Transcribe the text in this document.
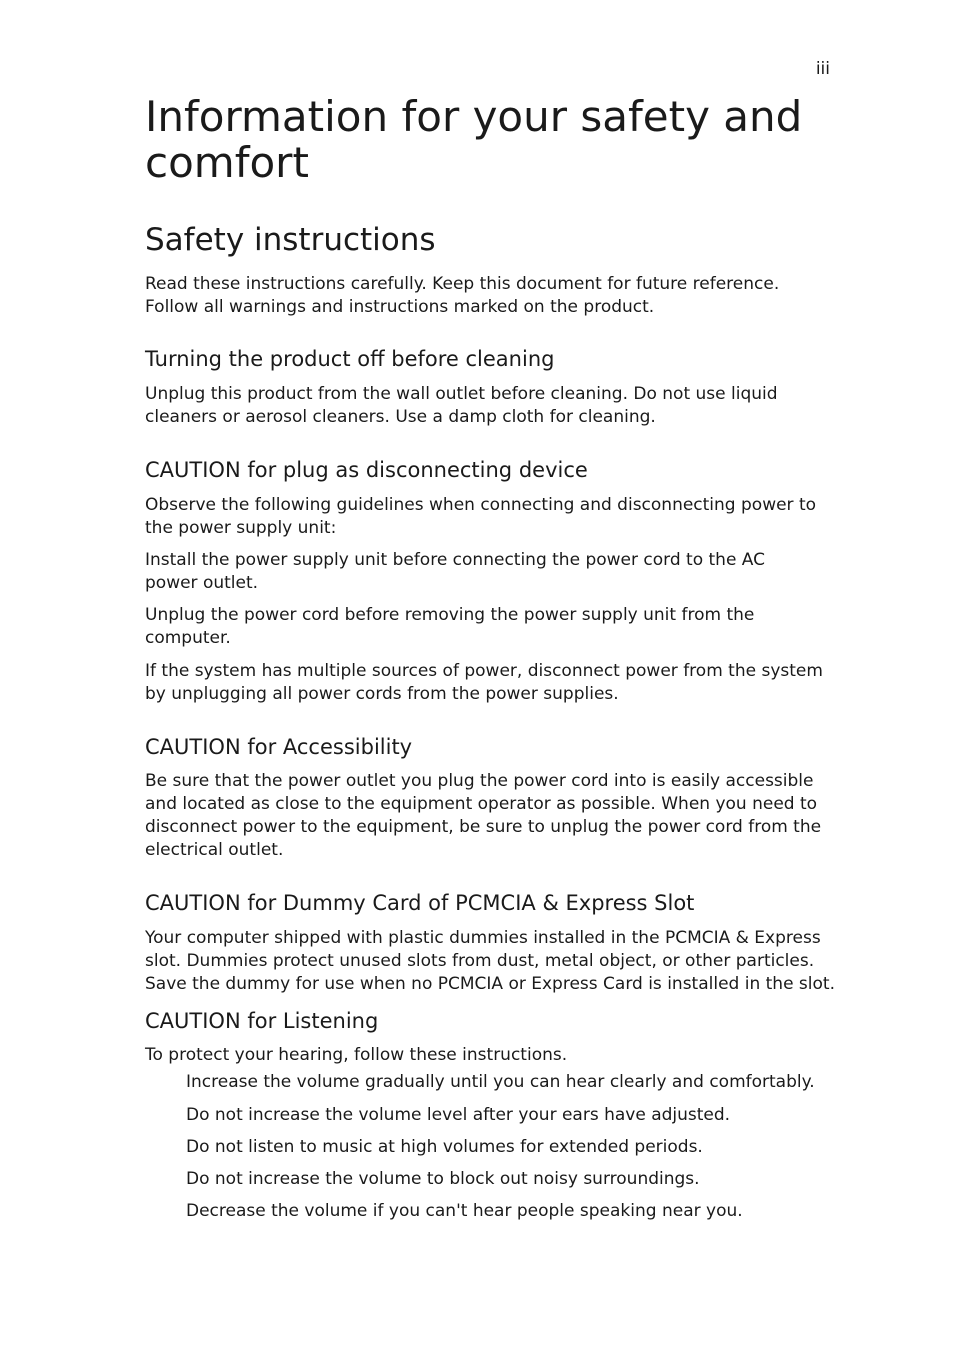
iii
Information for your safety and
comfort
Safety instructions

Read these instructions carefully. Keep this document for future reference.
Follow all warnings and instructions marked on the product.

Turning the product off before cleaning

Unplug this product from the wall outlet before cleaning. Do not use liquid
cleaners or aerosol cleaners. Use a damp cloth for cleaning.

CAUTION for plug as disconnecting device

Observe the following guidelines when connecting and disconnecting power to
the power supply unit:

Install the power supply unit before connecting the power cord to the AC
power outlet.

Unplug the power cord before removing the power supply unit from the
computer.

If the system has multiple sources of power, disconnect power from the system
by unplugging all power cords from the power supplies.

CAUTION for Accessibility

Be sure that the power outlet you plug the power cord into is easily accessible
and located as close to the equipment operator as possible. When you need to
disconnect power to the equipment, be sure to unplug the power cord from the
electrical outlet.

CAUTION for Dummy Card of PCMCIA & Express Slot

Your computer shipped with plastic dummies installed in the PCMCIA & Express
slot. Dummies protect unused slots from dust, metal object, or other particles.
Save the dummy for use when no PCMCIA or Express Card is installed in the slot.

CAUTION for Listening

To protect your hearing, follow these instructions.

Increase the volume gradually until you can hear clearly and comfortably.

Do not increase the volume level after your ears have adjusted.

Do not listen to music at high volumes for extended periods.

Do not increase the volume to block out noisy surroundings.

Decrease the volume if you can't hear people speaking near you.
